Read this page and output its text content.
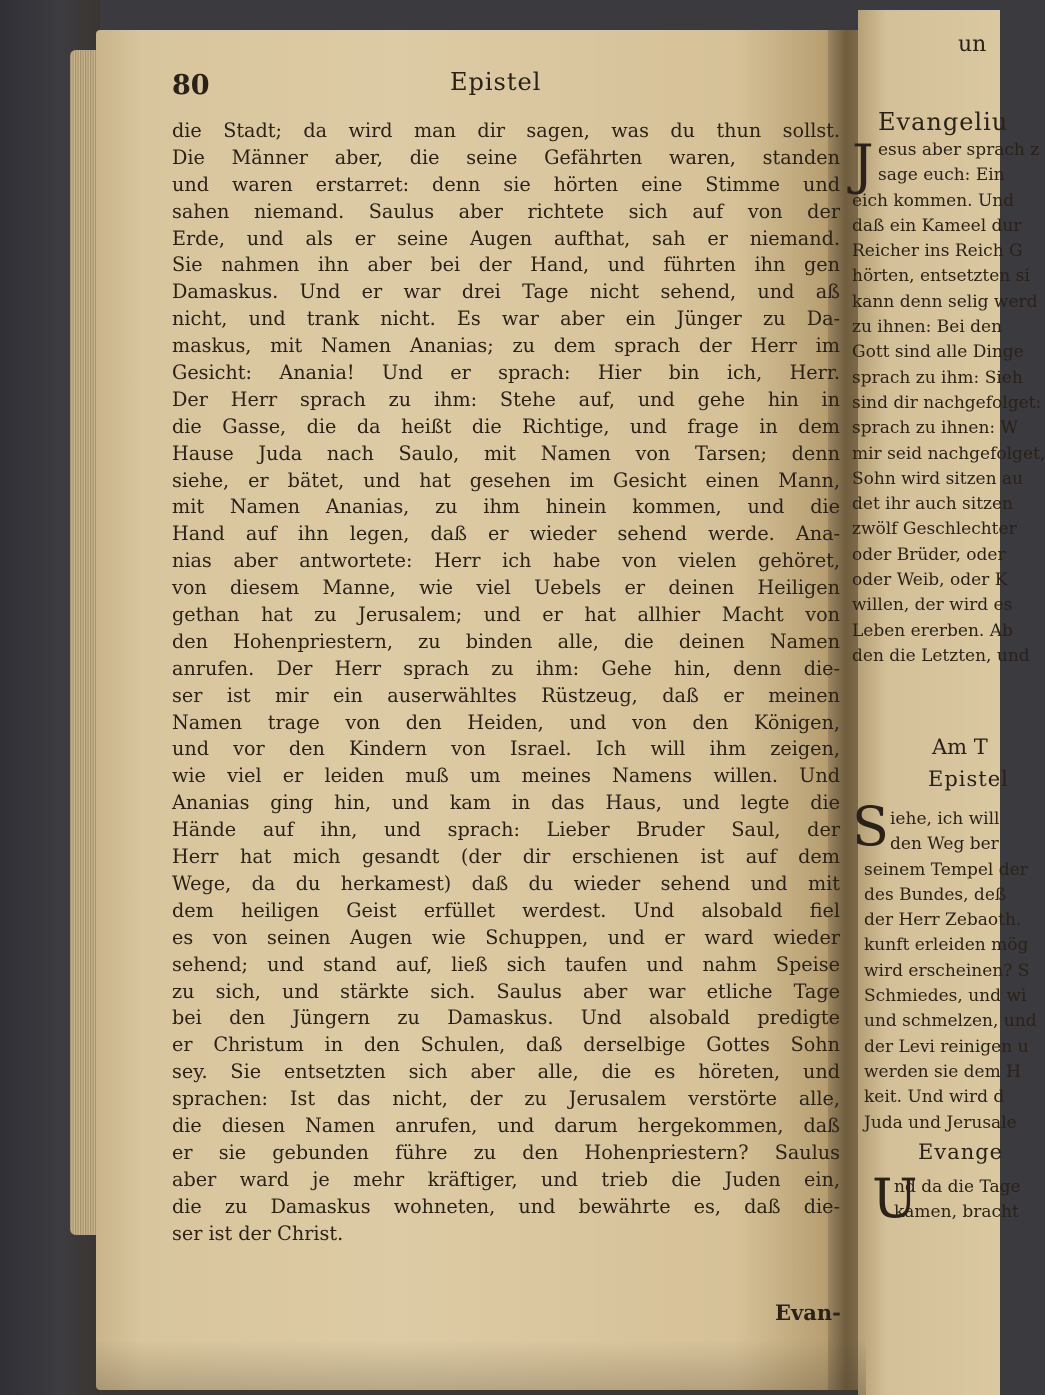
un
Evangeliu
J esus aber sprach z
sage euch: Ein
eich kommen. Und
daß ein Kameel dur
Reicher ins Reich G
hörten, entsetzten si
kann denn selig werd
zu ihnen: Bei den
Gott sind alle Dinge
sprach zu ihm: Sieh
sind dir nachgefolget:
sprach zu ihnen: W
mir seid nachgefolget,
Sohn wird sitzen au
det ihr auch sitzen
zwölf Geschlechter
oder Brüder, oder
oder Weib, oder K
willen, der wird es
Leben ererben. Ab
den die Letzten, und
Am T
Epistel
S iehe, ich will
den Weg ber
seinem Tempel der
des Bundes, deß
der Herr Zebaoth.
kunft erleiden mög
wird erscheinen? S
Schmiedes, und wi
und schmelzen, und
der Levi reinigen u
werden sie dem H
keit. Und wird d
Juda und Jerusale
Evange
U
nd da die Tage
kamen, bracht
80	Epistel
die Stadt; da wird man dir sagen, was du thun sollst.
Die Männer aber, die seine Gefährten waren, standen
und waren erstarret: denn sie hörten eine Stimme und
sahen niemand. Saulus aber richtete sich auf von der
Erde, und als er seine Augen aufthat, sah er niemand.
Sie nahmen ihn aber bei der Hand, und führten ihn gen
Damaskus. Und er war drei Tage nicht sehend, und aß
nicht, und trank nicht. Es war aber ein Jünger zu Da-
maskus, mit Namen Ananias; zu dem sprach der Herr im
Gesicht: Anania! Und er sprach: Hier bin ich, Herr.
Der Herr sprach zu ihm: Stehe auf, und gehe hin in
die Gasse, die da heißt die Richtige, und frage in dem
Hause Juda nach Saulo, mit Namen von Tarsen; denn
siehe, er bätet, und hat gesehen im Gesicht einen Mann,
mit Namen Ananias, zu ihm hinein kommen, und die
Hand auf ihn legen, daß er wieder sehend werde. Ana-
nias aber antwortete: Herr ich habe von vielen gehöret,
von diesem Manne, wie viel Uebels er deinen Heiligen
gethan hat zu Jerusalem; und er hat allhier Macht von
den Hohenpriestern, zu binden alle, die deinen Namen
anrufen. Der Herr sprach zu ihm: Gehe hin, denn die-
ser ist mir ein auserwähltes Rüstzeug, daß er meinen
Namen trage von den Heiden, und von den Königen,
und vor den Kindern von Israel. Ich will ihm zeigen,
wie viel er leiden muß um meines Namens willen. Und
Ananias ging hin, und kam in das Haus, und legte die
Hände auf ihn, und sprach: Lieber Bruder Saul, der
Herr hat mich gesandt (der dir erschienen ist auf dem
Wege, da du herkamest) daß du wieder sehend und mit
dem heiligen Geist erfüllet werdest. Und alsobald fiel
es von seinen Augen wie Schuppen, und er ward wieder
sehend; und stand auf, ließ sich taufen und nahm Speise
zu sich, und stärkte sich. Saulus aber war etliche Tage
bei den Jüngern zu Damaskus. Und alsobald predigte
er Christum in den Schulen, daß derselbige Gottes Sohn
sey. Sie entsetzten sich aber alle, die es höreten, und
sprachen: Ist das nicht, der zu Jerusalem verstörte alle,
die diesen Namen anrufen, und darum hergekommen, daß
er sie gebunden führe zu den Hohenpriestern? Saulus
aber ward je mehr kräftiger, und trieb die Juden ein,
die zu Damaskus wohneten, und bewährte es, daß die-
ser ist der Christ.
Evan-
